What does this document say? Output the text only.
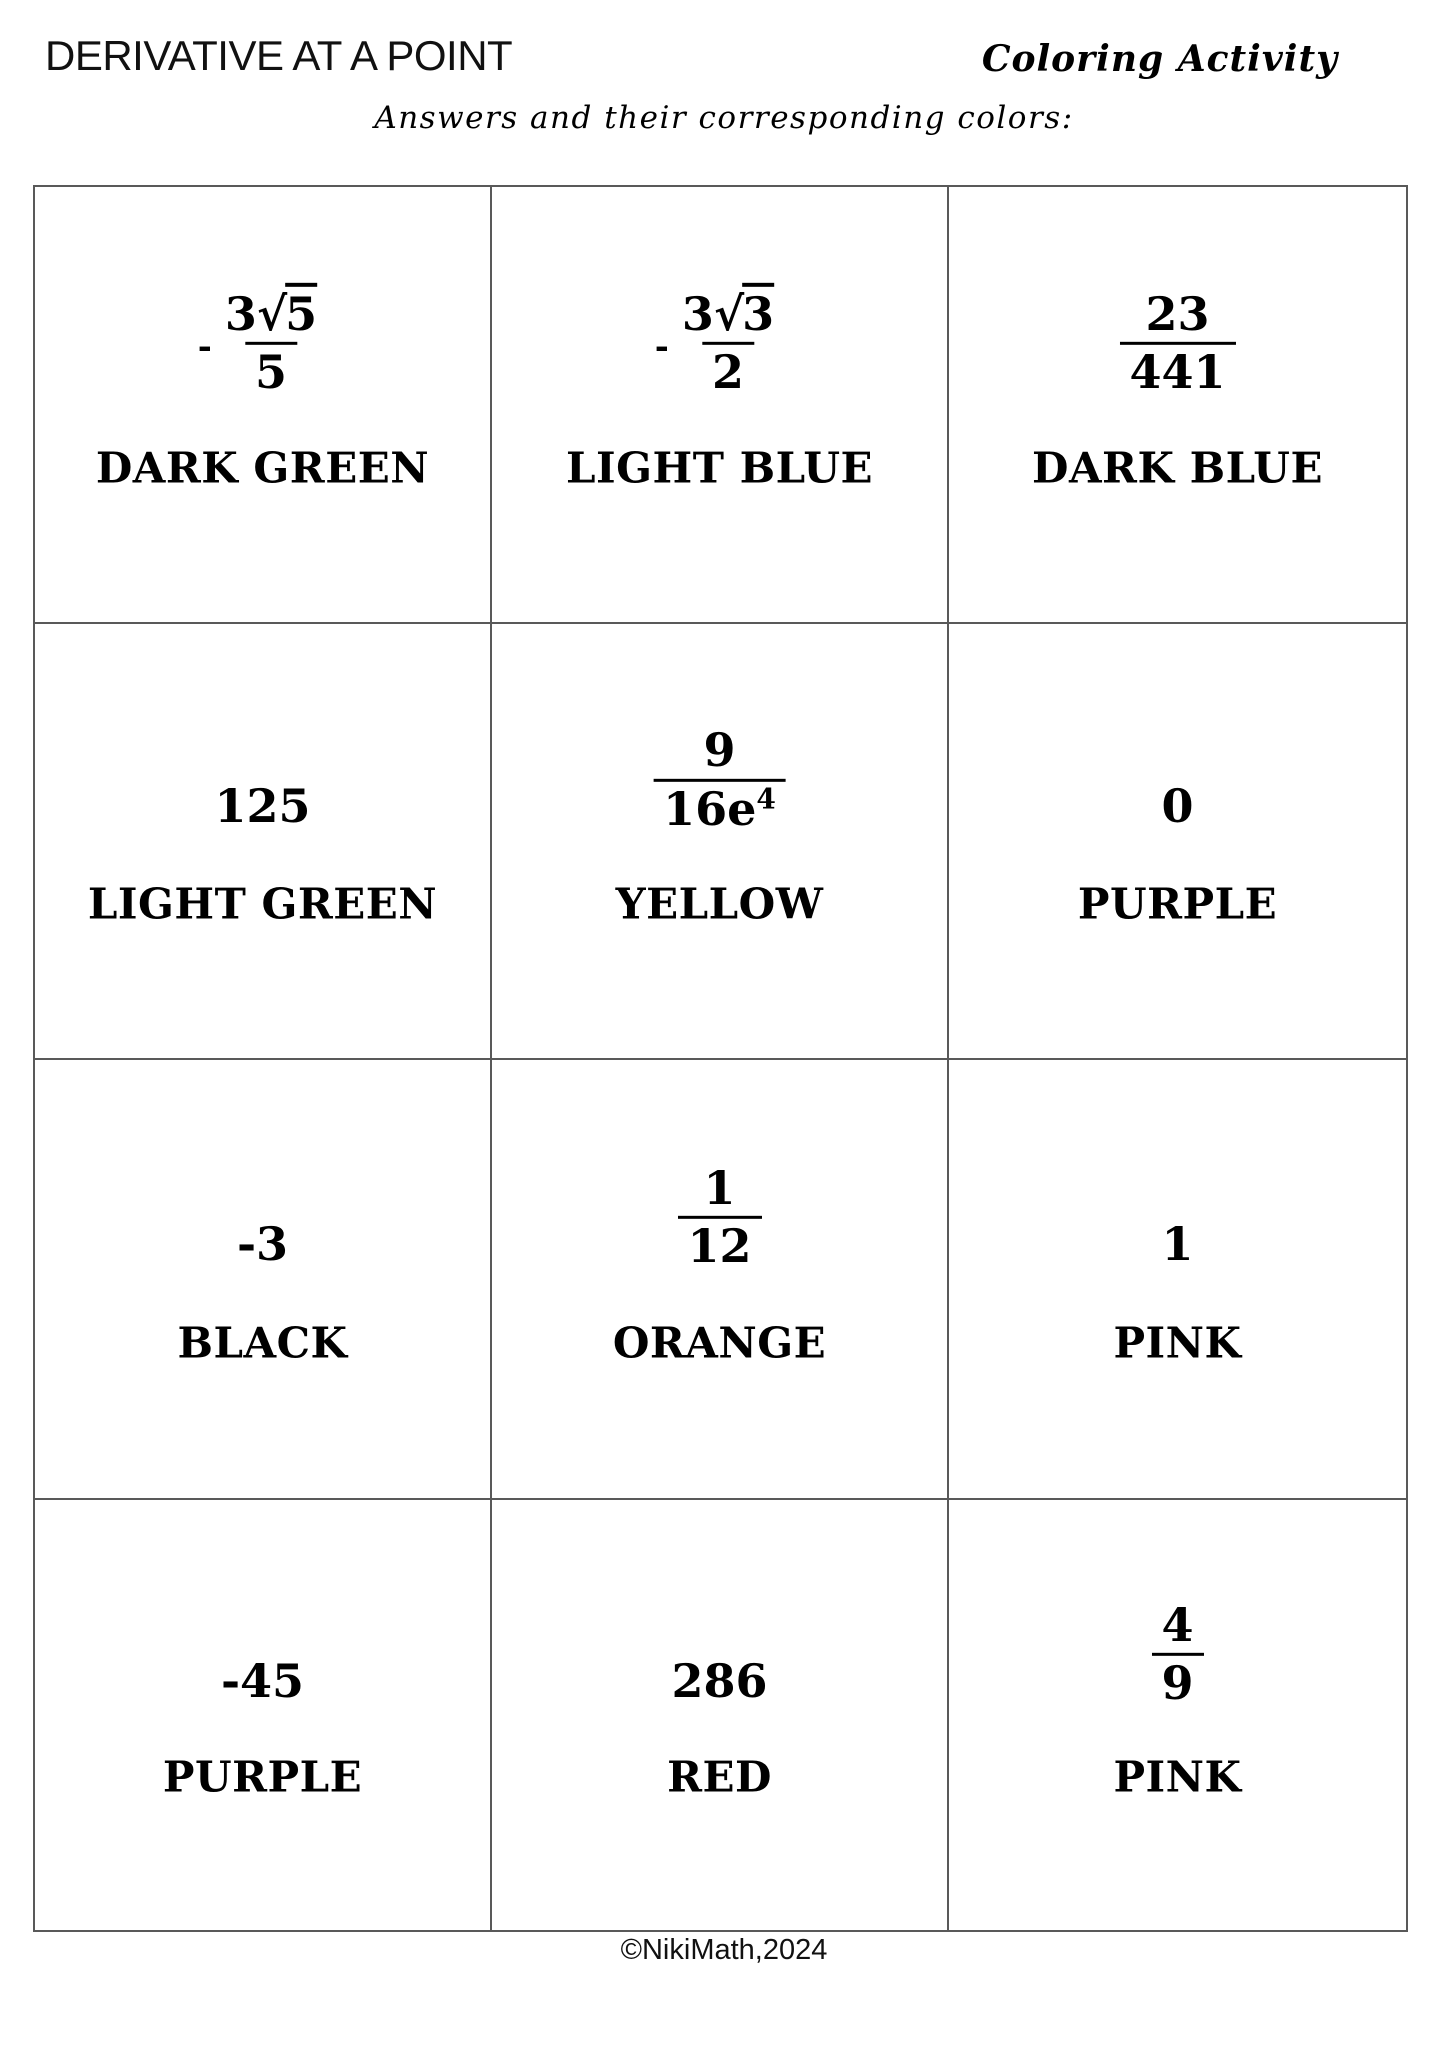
DERIVATIVE AT A POINT	Coloring Activity
Answers and their corresponding colors:
- $\frac{3√5}{5}$
DARK GREEN
- $\frac{3√3}{2}$
LIGHT BLUE
$\frac{23}{441}$
DARK BLUE
125
LIGHT GREEN
$\frac{9}{16e^4}$
YELLOW
0
PURPLE
-3
BLACK
$\frac{1}{12}$
ORANGE
1
PINK
-45
PURPLE
286
RED
$\frac{4}{9}$
PINK
©NikiMath,2024
